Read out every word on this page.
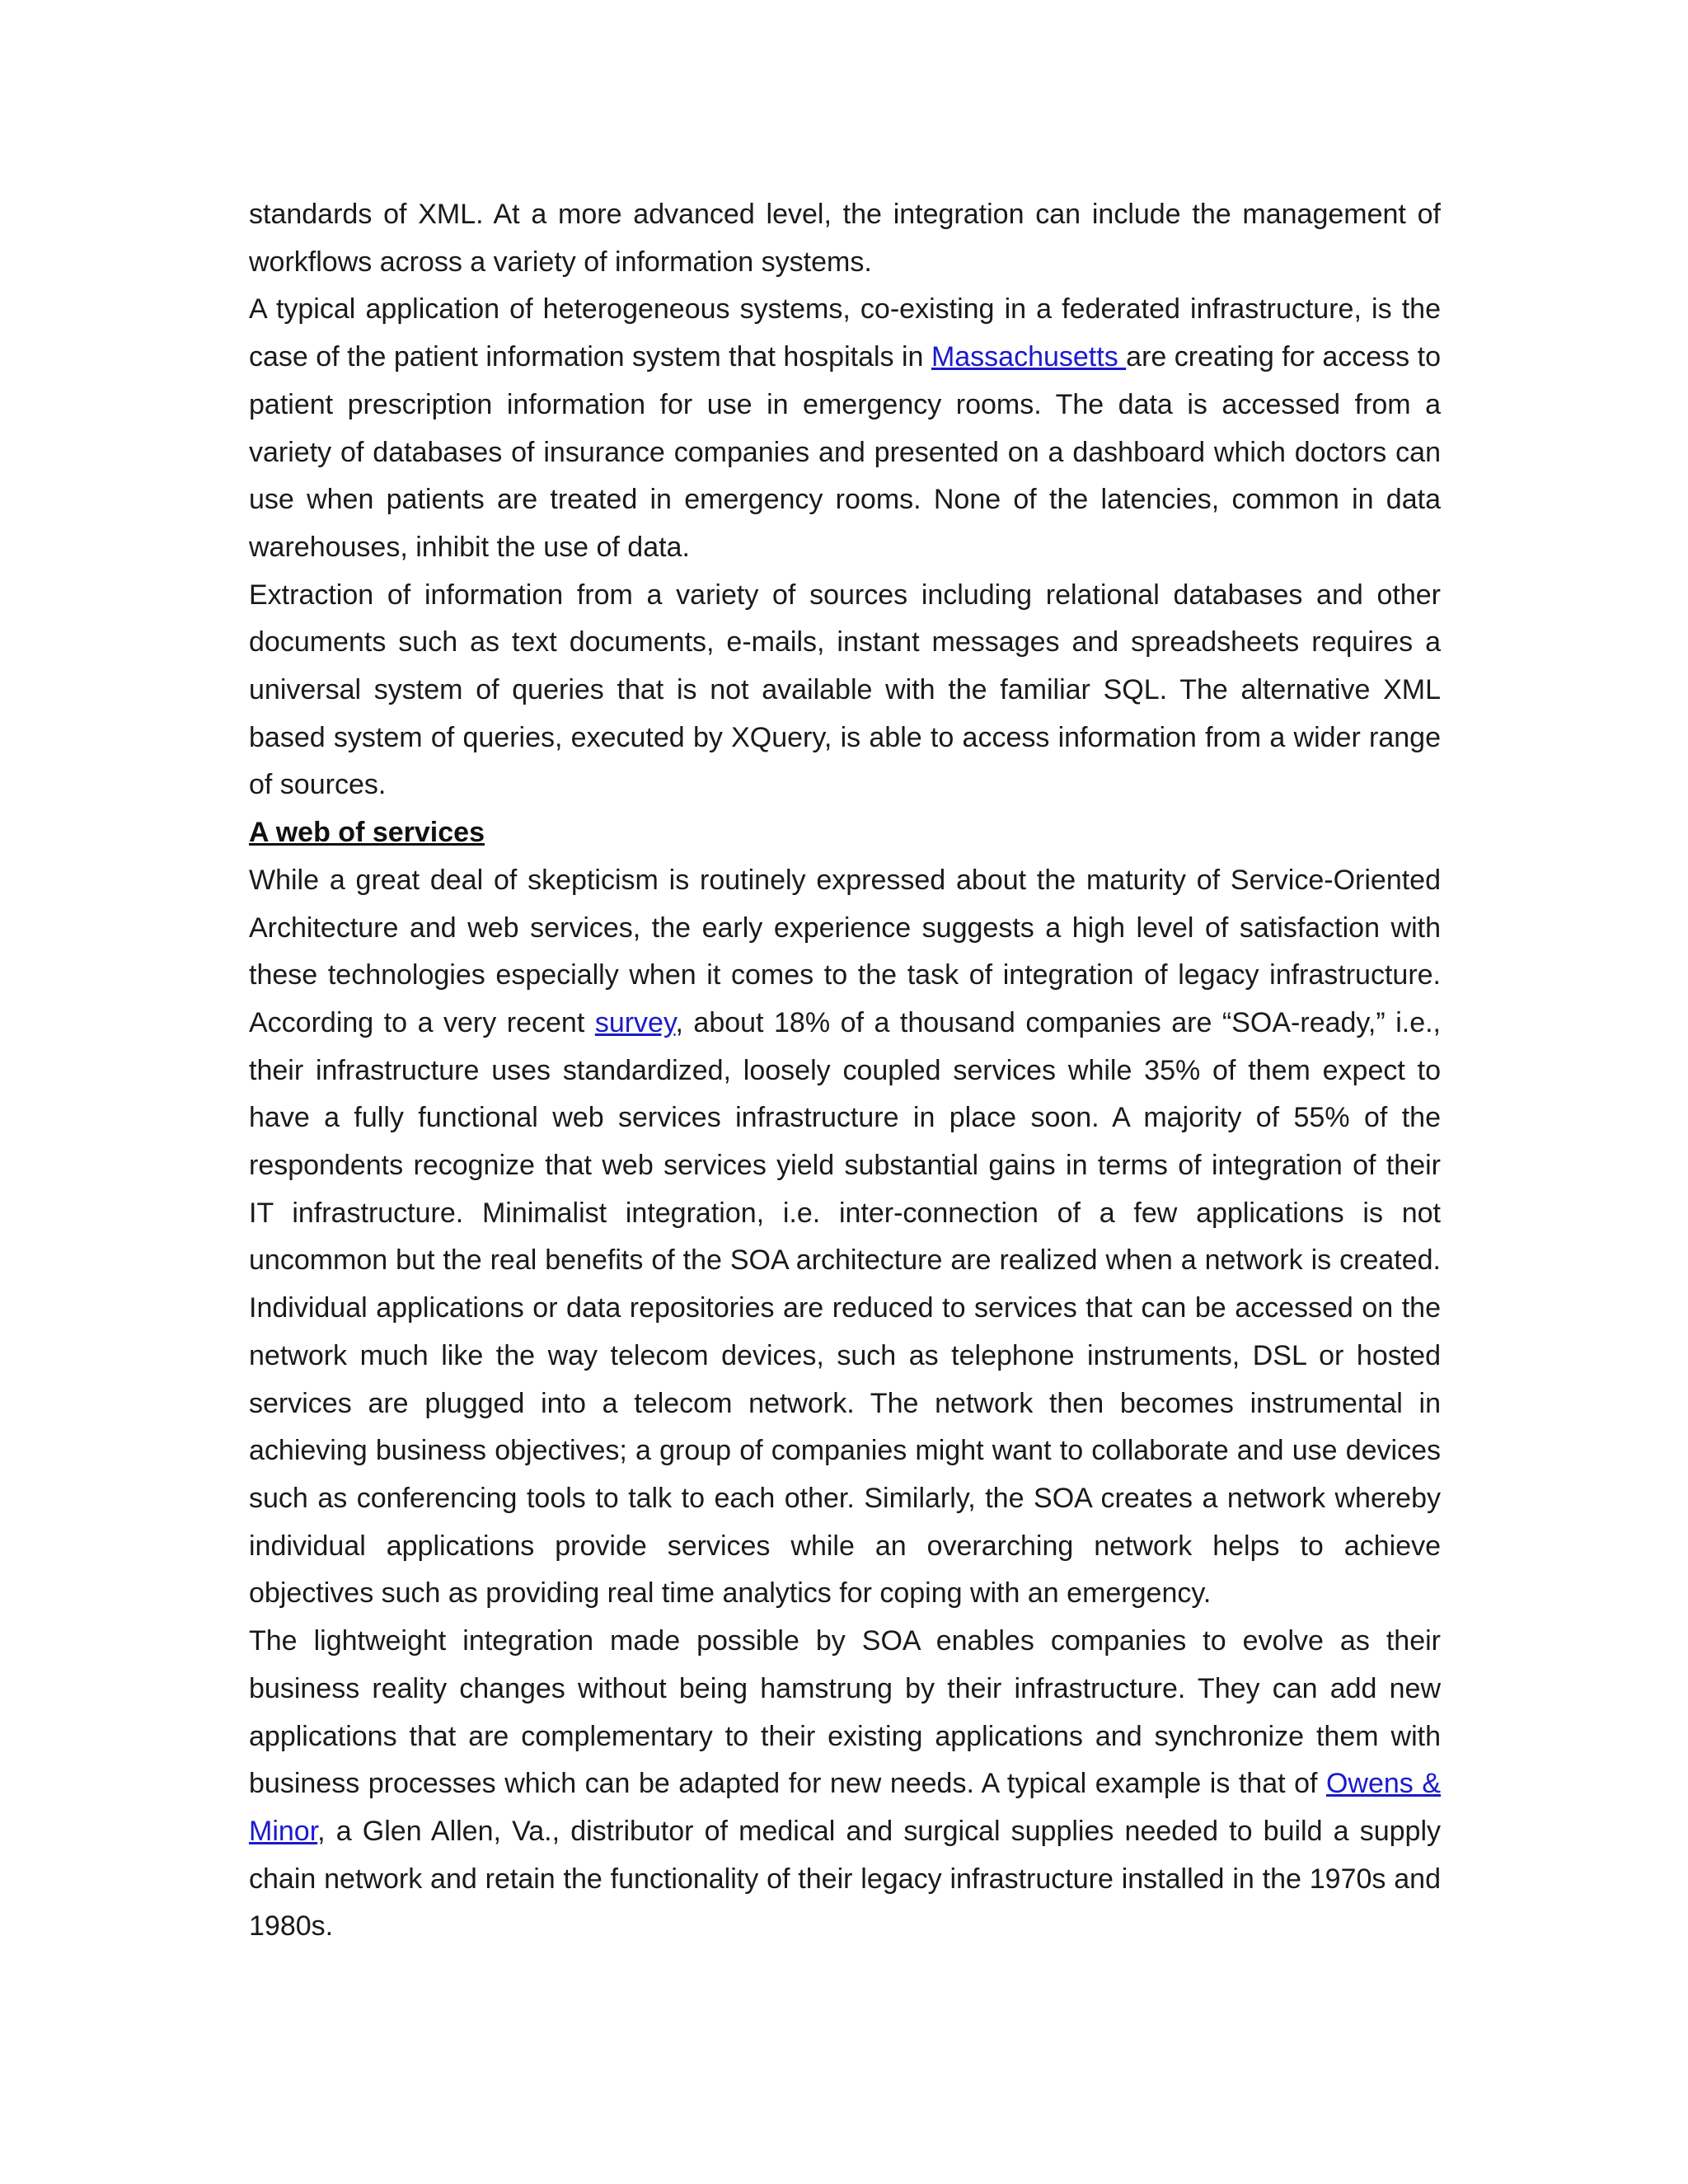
standards of XML. At a more advanced level, the integration can include the management of workflows across a variety of information systems.

A typical application of heterogeneous systems, co-existing in a federated infrastructure, is the case of the patient information system that hospitals in Massachusetts are creating for access to patient prescription information for use in emergency rooms. The data is accessed from a variety of databases of insurance companies and presented on a dashboard which doctors can use when patients are treated in emergency rooms. None of the latencies, common in data warehouses, inhibit the use of data.

Extraction of information from a variety of sources including relational databases and other documents such as text documents, e-mails, instant messages and spreadsheets requires a universal system of queries that is not available with the familiar SQL. The alternative XML based system of queries, executed by XQuery, is able to access information from a wider range of sources.

A web of services

While a great deal of skepticism is routinely expressed about the maturity of Service-Oriented Architecture and web services, the early experience suggests a high level of satisfaction with these technologies especially when it comes to the task of integration of legacy infrastructure. According to a very recent survey, about 18% of a thousand companies are “SOA-ready,” i.e., their infrastructure uses standardized, loosely coupled services while 35% of them expect to have a fully functional web services infrastructure in place soon. A majority of 55% of the respondents recognize that web services yield substantial gains in terms of integration of their IT infrastructure. Minimalist integration, i.e. inter-connection of a few applications is not uncommon but the real benefits of the SOA architecture are realized when a network is created. Individual applications or data repositories are reduced to services that can be accessed on the network much like the way telecom devices, such as telephone instruments, DSL or hosted services are plugged into a telecom network. The network then becomes instrumental in achieving business objectives; a group of companies might want to collaborate and use devices such as conferencing tools to talk to each other. Similarly, the SOA creates a network whereby individual applications provide services while an overarching network helps to achieve objectives such as providing real time analytics for coping with an emergency.

The lightweight integration made possible by SOA enables companies to evolve as their business reality changes without being hamstrung by their infrastructure. They can add new applications that are complementary to their existing applications and synchronize them with business processes which can be adapted for new needs. A typical example is that of Owens & Minor, a Glen Allen, Va., distributor of medical and surgical supplies needed to build a supply chain network and retain the functionality of their legacy infrastructure installed in the 1970s and 1980s.
